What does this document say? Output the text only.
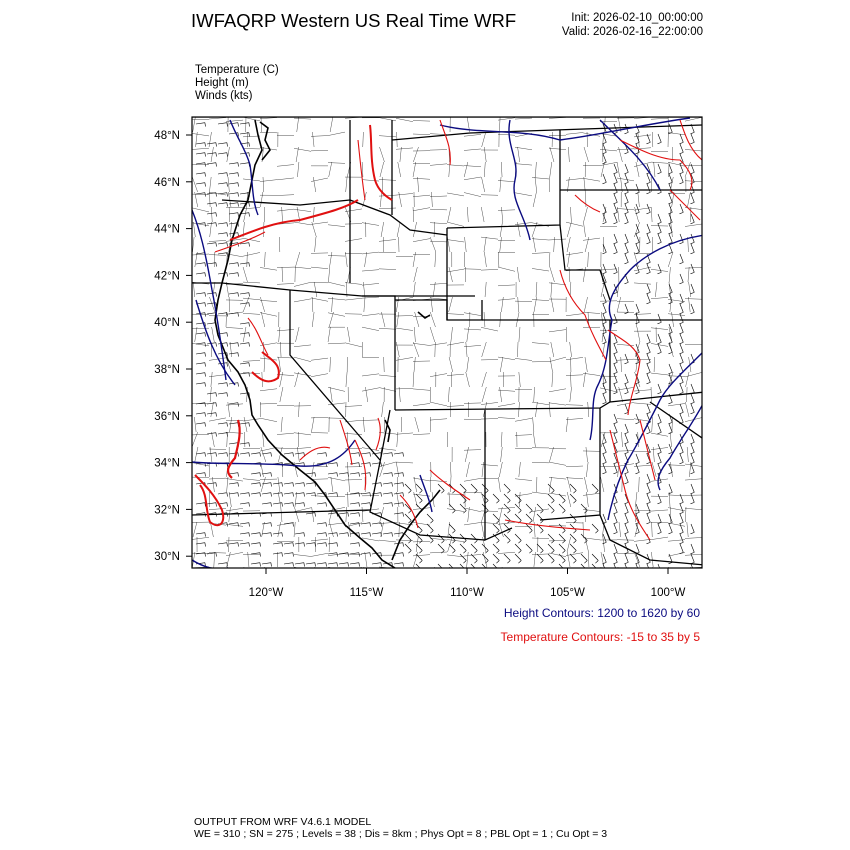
IWFAQRP Western US Real Time WRF	Init: 2026-02-10_00:00:00
Valid: 2026-02-16_22:00:00
Temperature (C)
Height (m)
Winds (kts)
48°N
46°N
44°N
42°N
40°N
38°N
36°N
34°N
32°N
30°N
120°W	115°W	110°W	105°W	100°W
Height Contours: 1200 to 1620 by 60
Temperature Contours: -15 to 35 by 5
OUTPUT FROM WRF V4.6.1 MODEL
WE = 310 ; SN = 275 ; Levels = 38 ; Dis = 8km ; Phys Opt = 8 ; PBL Opt = 1 ; Cu Opt = 3
